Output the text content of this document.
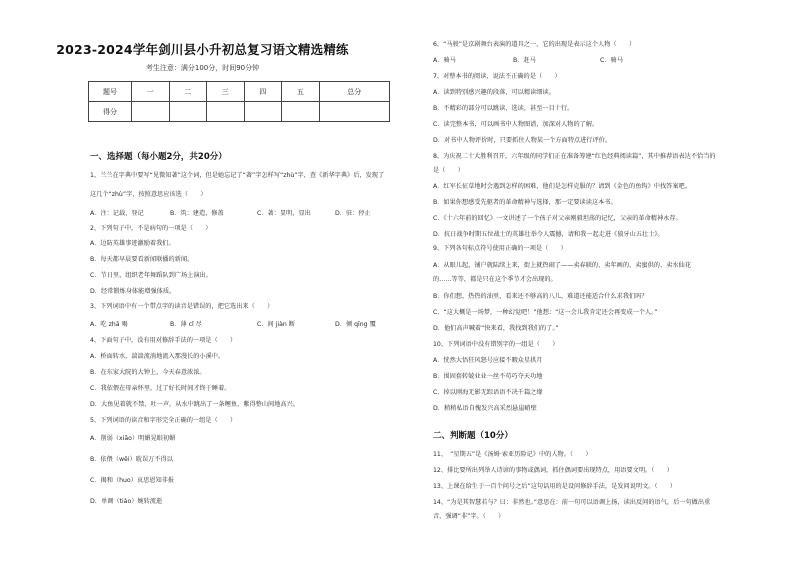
2023-2024学年剑川县小升初总复习语文精选精练
考生注意：满分100分，时间90分钟
题号	一	二	三	四	五	总分
得分						
一、选择题（每小题2分，共20分）
1、兰兰在字典中要写“见微知著”这个词，但是她忘记了“著”字怎样写“zhù”字，查《新华字典》后，发现了
这几个“zhù”字，按照意思应该选（　　）
A．注：记载，登记	B．筑：建造，修盖	C．著：显明，显出	D．驻：停止
2、下列句子中，不是病句的一项是（　　）
A．边防英雄事迹激励着我们。
B．每天都早晨要看新闻联播的新闻。
C．节日里，组织老年舞蹈队到广场上演出。
D．经常锻炼身体能增强体质。
3、下列词语中有一个带点字的读音是错误的，把它选出来（　　）
A．吃 zhā 喝	B．薄 cǐ 尽	C．间 jiàn 断	D．倾 qīng 覆
4、下面句子中，没有用对修辞手法的一项是（　　）
A．桥面转水，湍湍流淌地流入那漫长的小溪中。
B．在东家大院的大钟上，今天春意浓浓。
C．我依偎在母亲怀里，过了好长时间才终于睡着。
D．大鱼见着就不禁，吐一声，从水中跳出了一条鲤鱼，紫得整山间地高兴。
5、下列词语的读音和字形完全正确的一组是（　　）
A．削弱（xiāo）明媚晃眼初媚
B．依偎（wēi）耽误万不得以
C．揭和（huo）哀思恩知非报
D．单调（tiáo）婉转流逝
6、“马骏”是京剧舞台表演的道具之一，它的出现是表示这个人物（　　）
A．骑马	B．赶马	C．骑马
7、对整本书的阅读，说法不正确的是（　　）
A．读到特别感兴趣的段落，可以精读细读。
B．不精彩的部分可以跳读、选读，甚至一目十行。
C．读完整本书，可以画书中人物图谱，加深对人物的了解。
D．对书中人物评价时，只要抓住人物某一个方面特点进行评价。
8、为庆祝二十大胜利召开，六年级的同学们正在准备筹建“红色经典阅读篇”，其中推荐语表达不恰当的
是（　　）
A．红军长征草地时会遇到怎样的困难，他们是怎样克服的？请到《金色的鱼钩》中找答案吧。
B．如果你想感受先驱者的革命精神与选择，那一定要读读这本书。
C．《十六年前的回忆》一文讲述了一个孩子对父亲刚毅坦荡的记忆，父亲的革命精神永存。
D．抗日战争时期五位战士的英雄壮举令人震撼，请和我一起走进《狼牙山五壮士》。
9、下列各句标点符号使用正确的一项是（　　）
A．从眼儿起，铺户就陆续上来，街上就热闹了——卖春联的、卖年画的、卖蜜供的、卖水仙花
的……等等，都是只在这个季节才会出现的。
B．你们想，热热的油里，看来还不够高的八儿，难道还能适合什么求我们吗？
C．“这大概是一场梦，一种幻觉吧！”他想：“这一会儿我肯定还会再变成一个人。”
D．他们高声喊着“快来看，我找到我们的了。”
10、下列词语中没有错别字的一组是（　　）
A．恍然大悟狂风怒号应接不暇众星拱月
B．围固套转兢业业一丝不苟巧夺天功地
C．掉以刚海无影无踪语语不决千篇之缘
D．稍稍私语自愧发兴高采烈悬崖峭壁
二、判断题（10分）
11、　“星期五”是《汤姆·索亚历险记》中的人物。（　　）
12、排比要所出列举人诗谚的事物或偶词，抓住偶词要出现特点，用语要文明。（　　）
13、上课在给生于一百个问号之后”这句话用的是设问修辞手法，是发问说明文。（　　）
14、“为是其智慧若与？曰：非然也。”意思在：前一句可以语调上扬，读出反问的语气，后一句做出重
音，强调“非”字。（　　）
